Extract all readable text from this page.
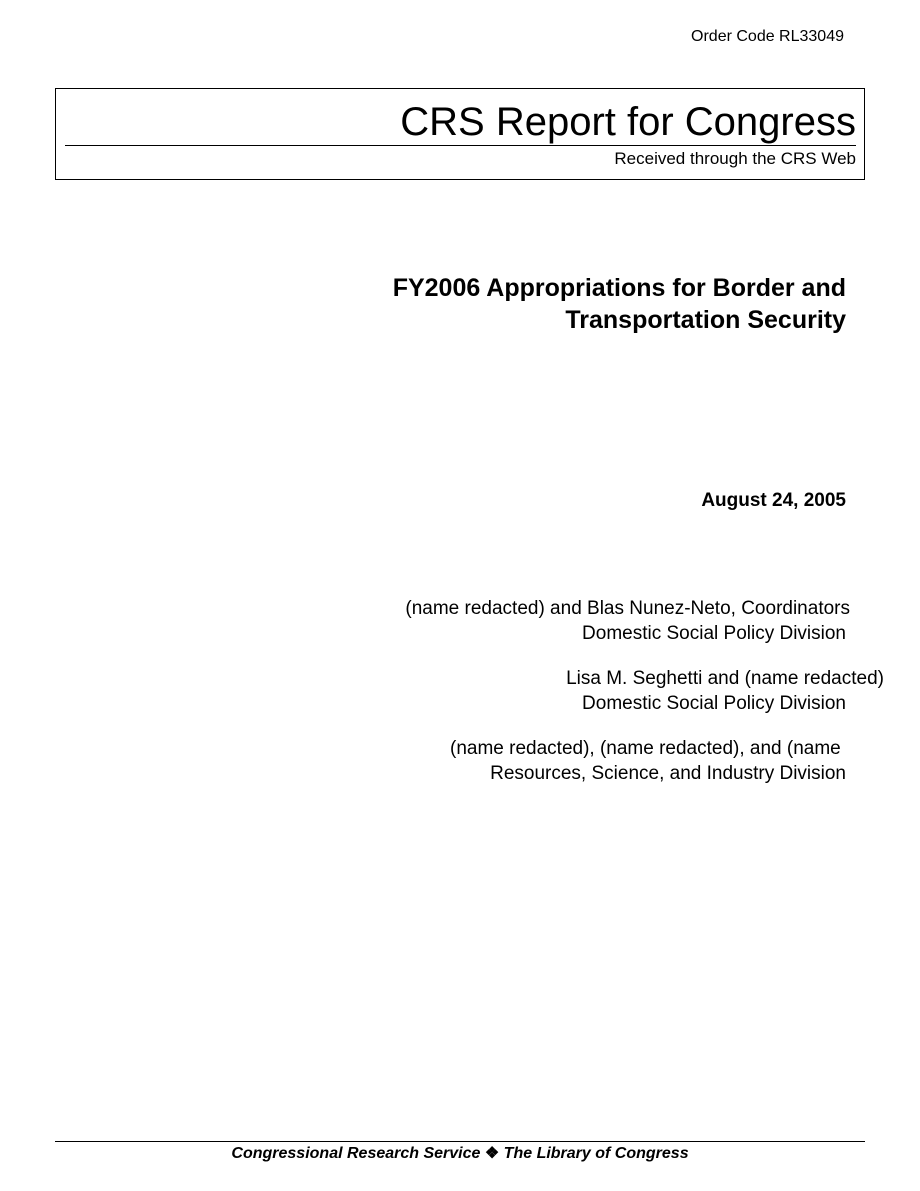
Order Code RL33049
CRS Report for Congress
Received through the CRS Web
FY2006 Appropriations for Border and
Transportation Security
August 24, 2005
(name redacted) and Blas Nunez-Neto, Coordinators
Domestic Social Policy Division
Lisa M. Seghetti and (name redacted)
Domestic Social Policy Division
(name redacted), (name redacted), and (name
Resources, Science, and Industry Division
Congressional Research Service ❖ The Library of Congress
